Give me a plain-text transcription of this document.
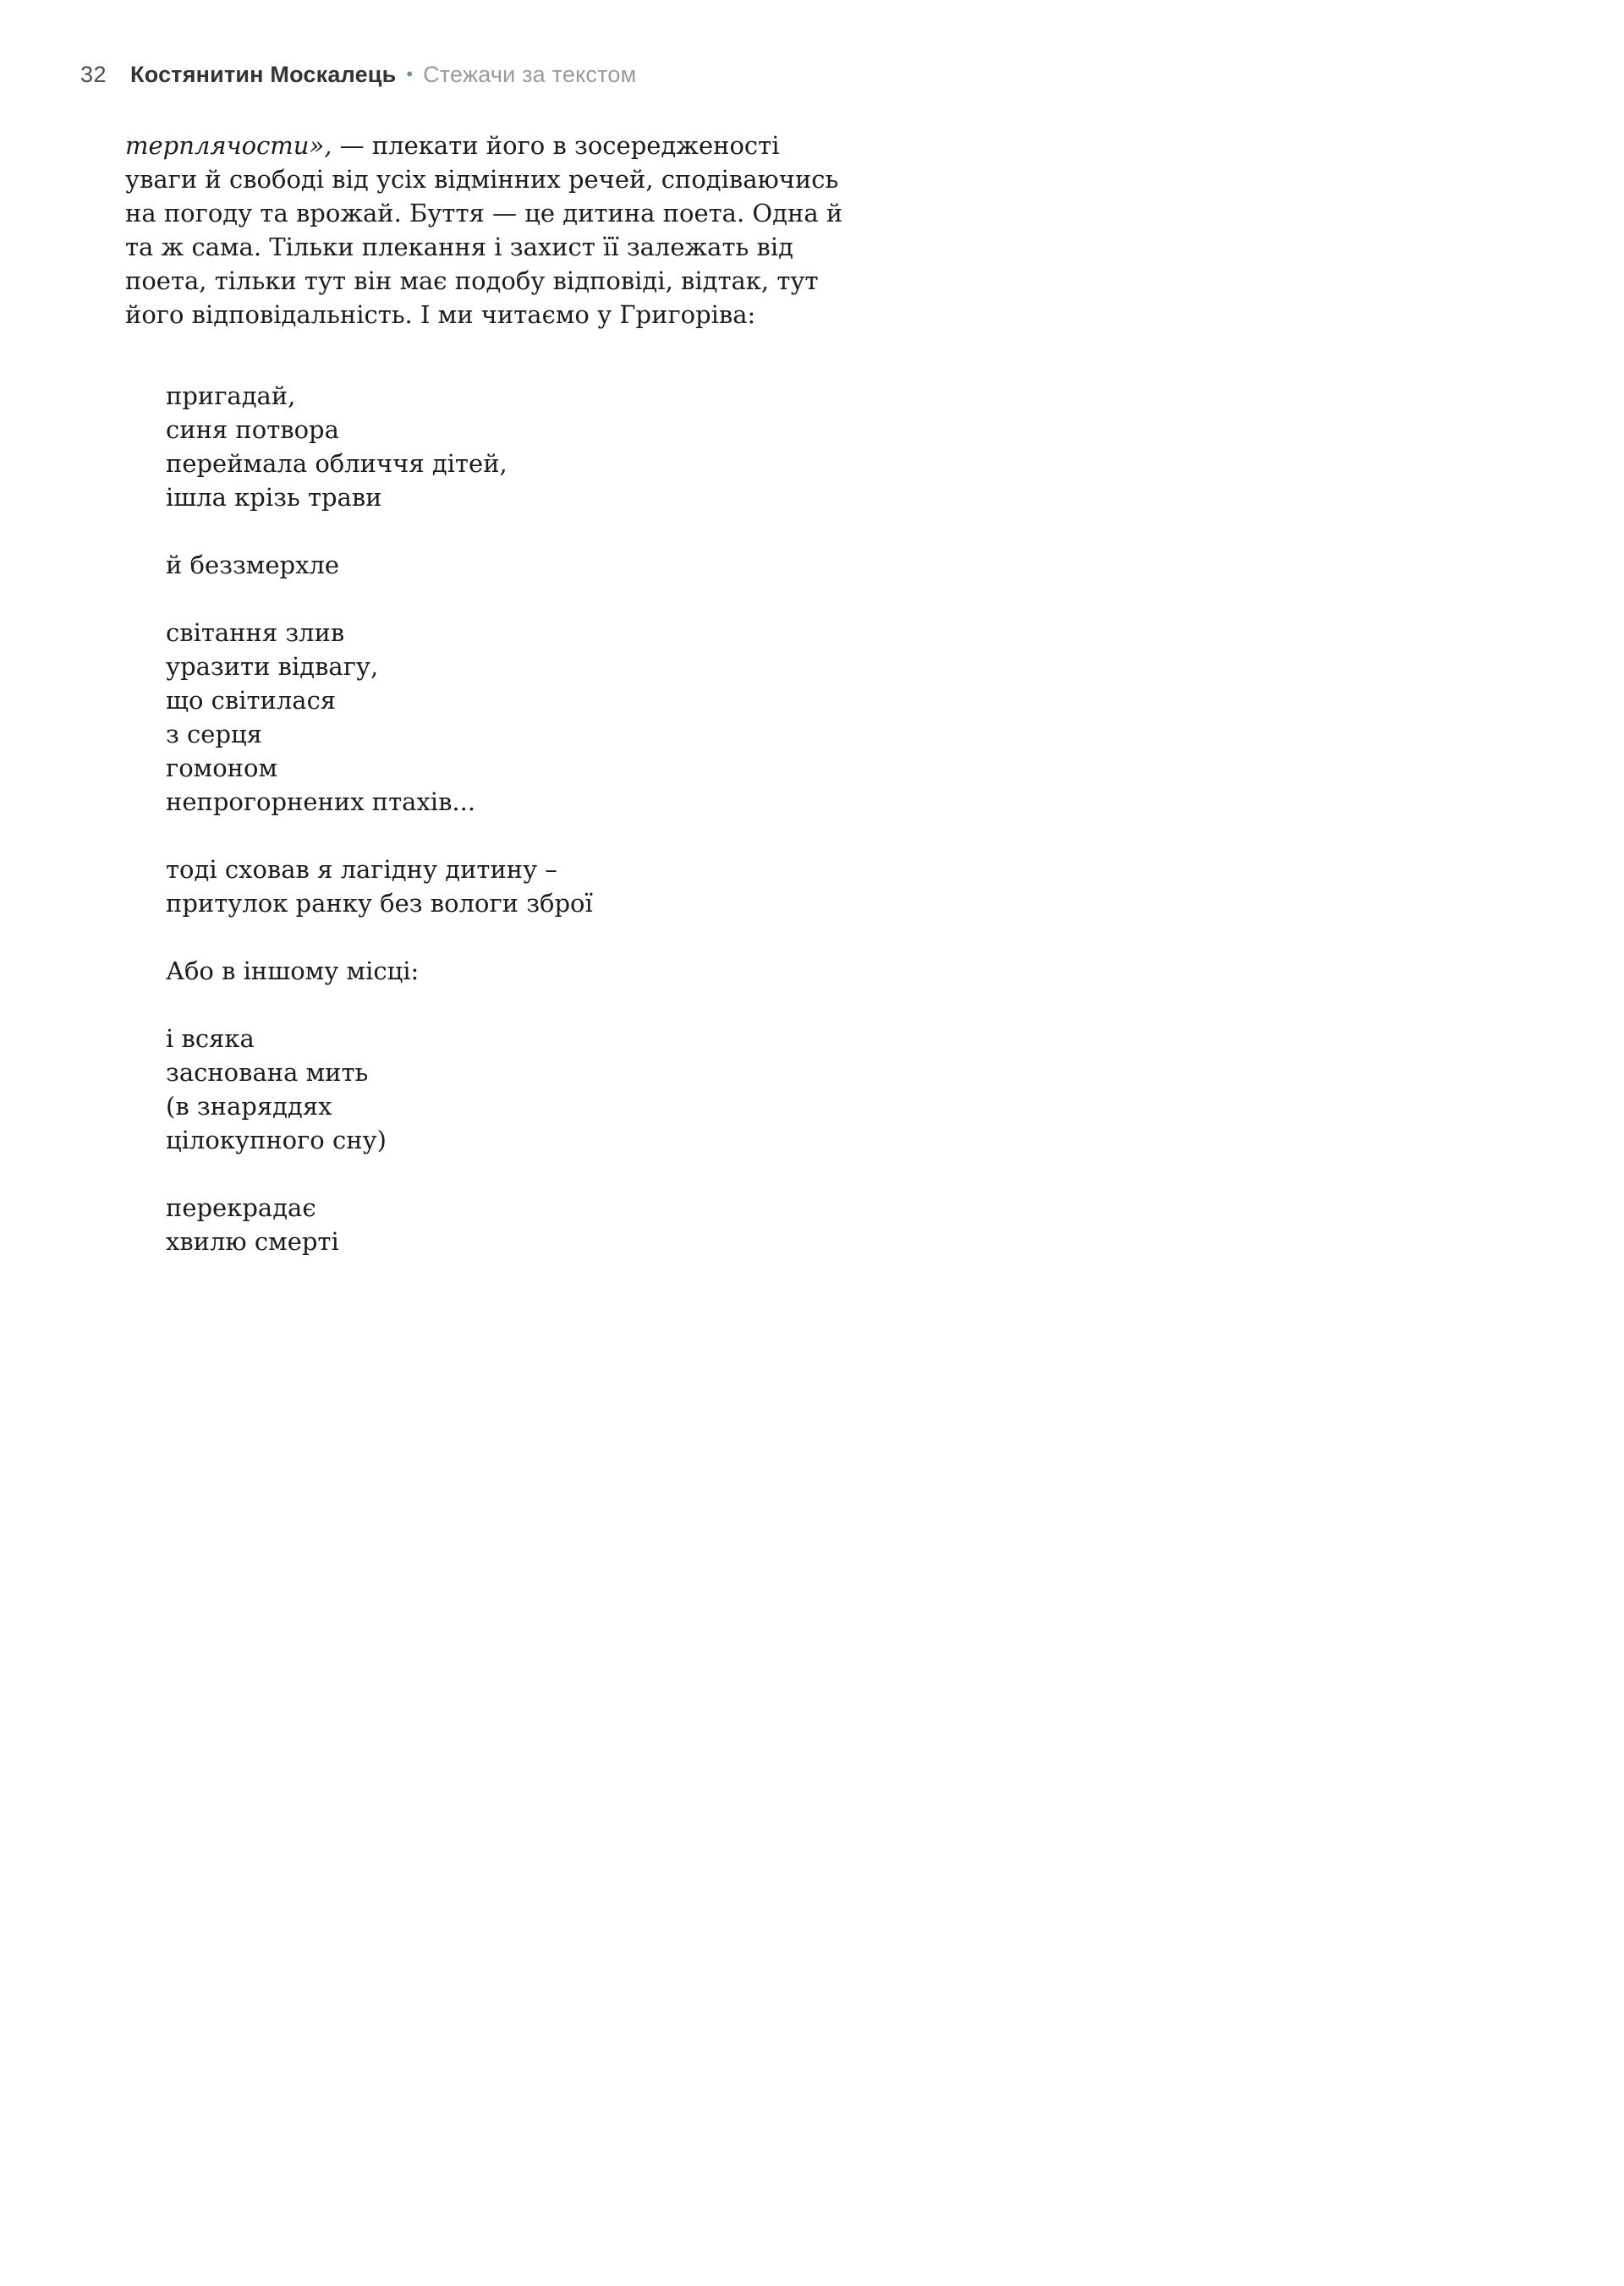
32 Костянитин Москалець • Стежачи за текстом

терплячости», — плекати його в зосередженості уваги й свободі від усіх відмінних речей, сподіваючись на погоду та врожай. Буття — це дитина поета. Одна й та ж сама. Тільки плекання і захист її залежать від поета, тільки тут він має подобу відповіді, відтак, тут його відповідальність. І ми читаємо у Григоріва:

пригадай,
синя потвора
переймала обличчя дітей,
ішла крізь трави
й беззмерхле
світання злив
уразити відвагу,
що світилася
з серця
гомоном
непрогорнених птахів...
тоді сховав я лагідну дитину –
притулок ранку без вологи зброї
Або в іншому місці:
і всяка
заснована мить
(в знаряддях
цілокупного сну)
перекрадає
хвилю смерті
